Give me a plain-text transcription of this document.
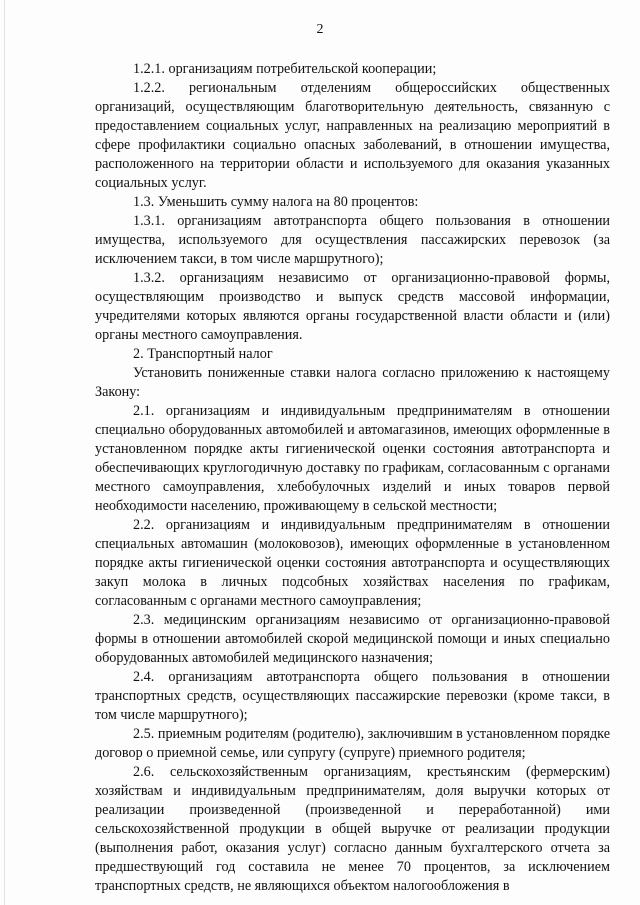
2

1.2.1. организациям потребительской кооперации;

1.2.2. региональным отделениям общероссийских общественных организаций, осуществляющим благотворительную деятельность, связанную с предоставлением социальных услуг, направленных на реализацию мероприятий в сфере профилактики социально опасных заболеваний, в отношении имущества, расположенного на территории области и используемого для оказания указанных социальных услуг.

1.3. Уменьшить сумму налога на 80 процентов:

1.3.1. организациям автотранспорта общего пользования в отношении имущества, используемого для осуществления пассажирских перевозок (за исключением такси, в том числе маршрутного);

1.3.2. организациям независимо от организационно-правовой формы, осуществляющим производство и выпуск средств массовой информации, учредителями которых являются органы государственной власти области и (или) органы местного самоуправления.

2. Транспортный налог

Установить пониженные ставки налога согласно приложению к настоящему Закону:

2.1. организациям и индивидуальным предпринимателям в отношении специально оборудованных автомобилей и автомагазинов, имеющих оформленные в установленном порядке акты гигиенической оценки состояния автотранспорта и обеспечивающих круглогодичную доставку по графикам, согласованным с органами местного самоуправления, хлебобулочных изделий и иных товаров первой необходимости населению, проживающему в сельской местности;

2.2. организациям и индивидуальным предпринимателям в отношении специальных автомашин (молоковозов), имеющих оформленные в установленном порядке акты гигиенической оценки состояния автотранспорта и осуществляющих закуп молока в личных подсобных хозяйствах населения по графикам, согласованным с органами местного самоуправления;

2.3. медицинским организациям независимо от организационно-правовой формы в отношении автомобилей скорой медицинской помощи и иных специально оборудованных автомобилей медицинского назначения;

2.4. организациям автотранспорта общего пользования в отношении транспортных средств, осуществляющих пассажирские перевозки (кроме такси, в том числе маршрутного);

2.5. приемным родителям (родителю), заключившим в установленном порядке договор о приемной семье, или супругу (супруге) приемного родителя;

2.6. сельскохозяйственным организациям, крестьянским (фермерским) хозяйствам и индивидуальным предпринимателям, доля выручки которых от реализации произведенной (произведенной и переработанной) ими сельскохозяйственной продукции в общей выручке от реализации продукции (выполнения работ, оказания услуг) согласно данным бухгалтерского отчета за предшествующий год составила не менее 70 процентов, за исключением транспортных средств, не являющихся объектом налогообложения в
